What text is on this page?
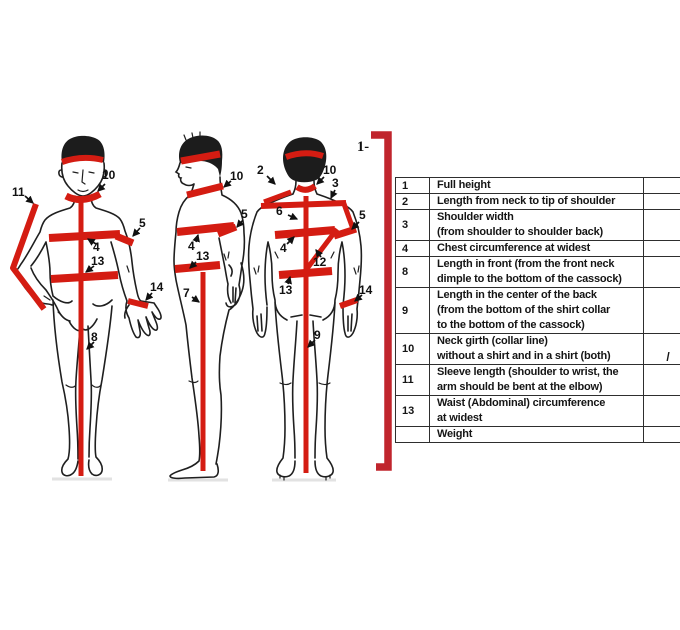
11
10
4
5
13
14
8
10
5
4
13
7
2	10
3
6
4
5
12
13	14
9
1-
1	Full height	

2	Length from neck to tip of shoulder	

3	Shoulder width
(from shoulder to shoulder back)	

4	Chest circumference at widest	

8	Length in front (from the front neck
dimple to the bottom of the cassock)	

9	Length in the center of the back
(from the bottom of the shirt collar
to the bottom of the cassock)	

10	Neck girth (collar line)
without a shirt and in a shirt (both)	/
11	Sleeve length (shoulder to wrist, the
arm should be bent at the elbow)	

13	Waist (Abdominal) circumference
at widest	

	Weight	
